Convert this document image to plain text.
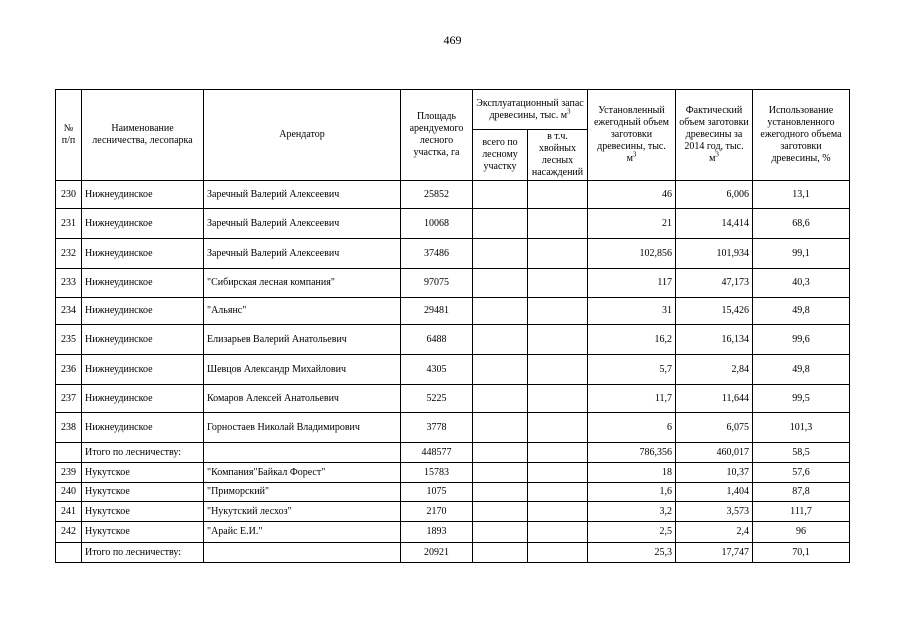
469
№ п/п	Наименование лесничества, лесопарка	Арендатор	Площадь арендуемого лесного участка, га	Эксплуатационный запас древесины, тыс. $м^3$		Установленный ежегодный объем заготовки древесины, тыс. $м^3$	Фактический объем заготовки древесины за 2014 год, тыс. $м^3$	Использование установленного ежегодного объема заготовки древесины, %
				всего по лесному участку	в т.ч. хвойных лесных насаждений			
230	Нижнеудинское	Заречный Валерий Алексеевич	25852			46	6,006	13,1
231	Нижнеудинское	Заречный Валерий Алексеевич	10068			21	14,414	68,6
232	Нижнеудинское	Заречный Валерий Алексеевич	37486			102,856	101,934	99,1
233	Нижнеудинское	"Сибирская лесная компания"	97075			117	47,173	40,3
234	Нижнеудинское	"Альянс"	29481			31	15,426	49,8
235	Нижнеудинское	Елизарьев Валерий Анатольевич	6488			16,2	16,134	99,6
236	Нижнеудинское	Шевцов Александр Михайлович	4305			5,7	2,84	49,8
237	Нижнеудинское	Комаров Алексей Анатольевич	5225			11,7	11,644	99,5
238	Нижнеудинское	Горностаев Николай Владимирович	3778			6	6,075	101,3
	Итого по лесничеству:		448577			786,356	460,017	58,5
239	Нукутское	"Компания"Байкал Форест"	15783			18	10,37	57,6
240	Нукутское	"Приморский"	1075			1,6	1,404	87,8
241	Нукутское	"Нукутский лесхоз"	2170			3,2	3,573	111,7
242	Нукутское	"Арайс Е.И."	1893			2,5	2,4	96
	Итого по лесничеству:		20921			25,3	17,747	70,1
